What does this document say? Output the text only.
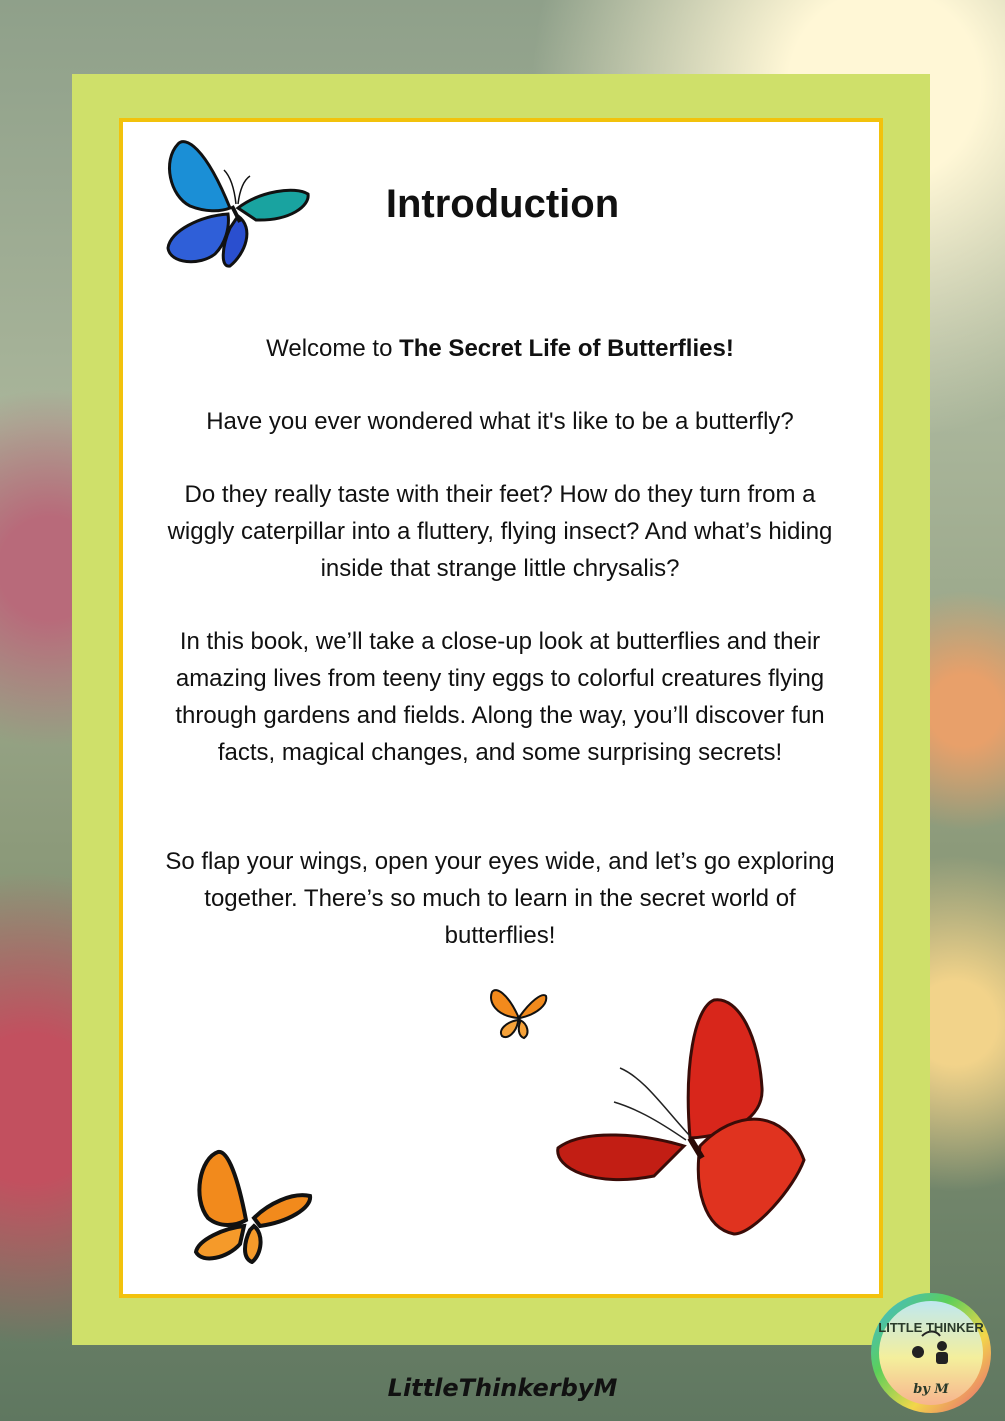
Introduction

Welcome to The Secret Life of Butterflies!

Have you ever wondered what it's like to be a butterfly?

Do they really taste with their feet? How do they turn from a wiggly caterpillar into a fluttery, flying insect? And what’s hiding inside that strange little chrysalis?

In this book, we’ll take a close-up look at butterflies and their amazing lives from teeny tiny eggs to colorful creatures flying through gardens and fields. Along the way, you’ll discover fun facts, magical changes, and some surprising secrets!

So flap your wings, open your eyes wide, and let’s go exploring together. There’s so much to learn in the secret world of butterflies!

LittleThinkerbyM
LITTLE THINKER
by M
